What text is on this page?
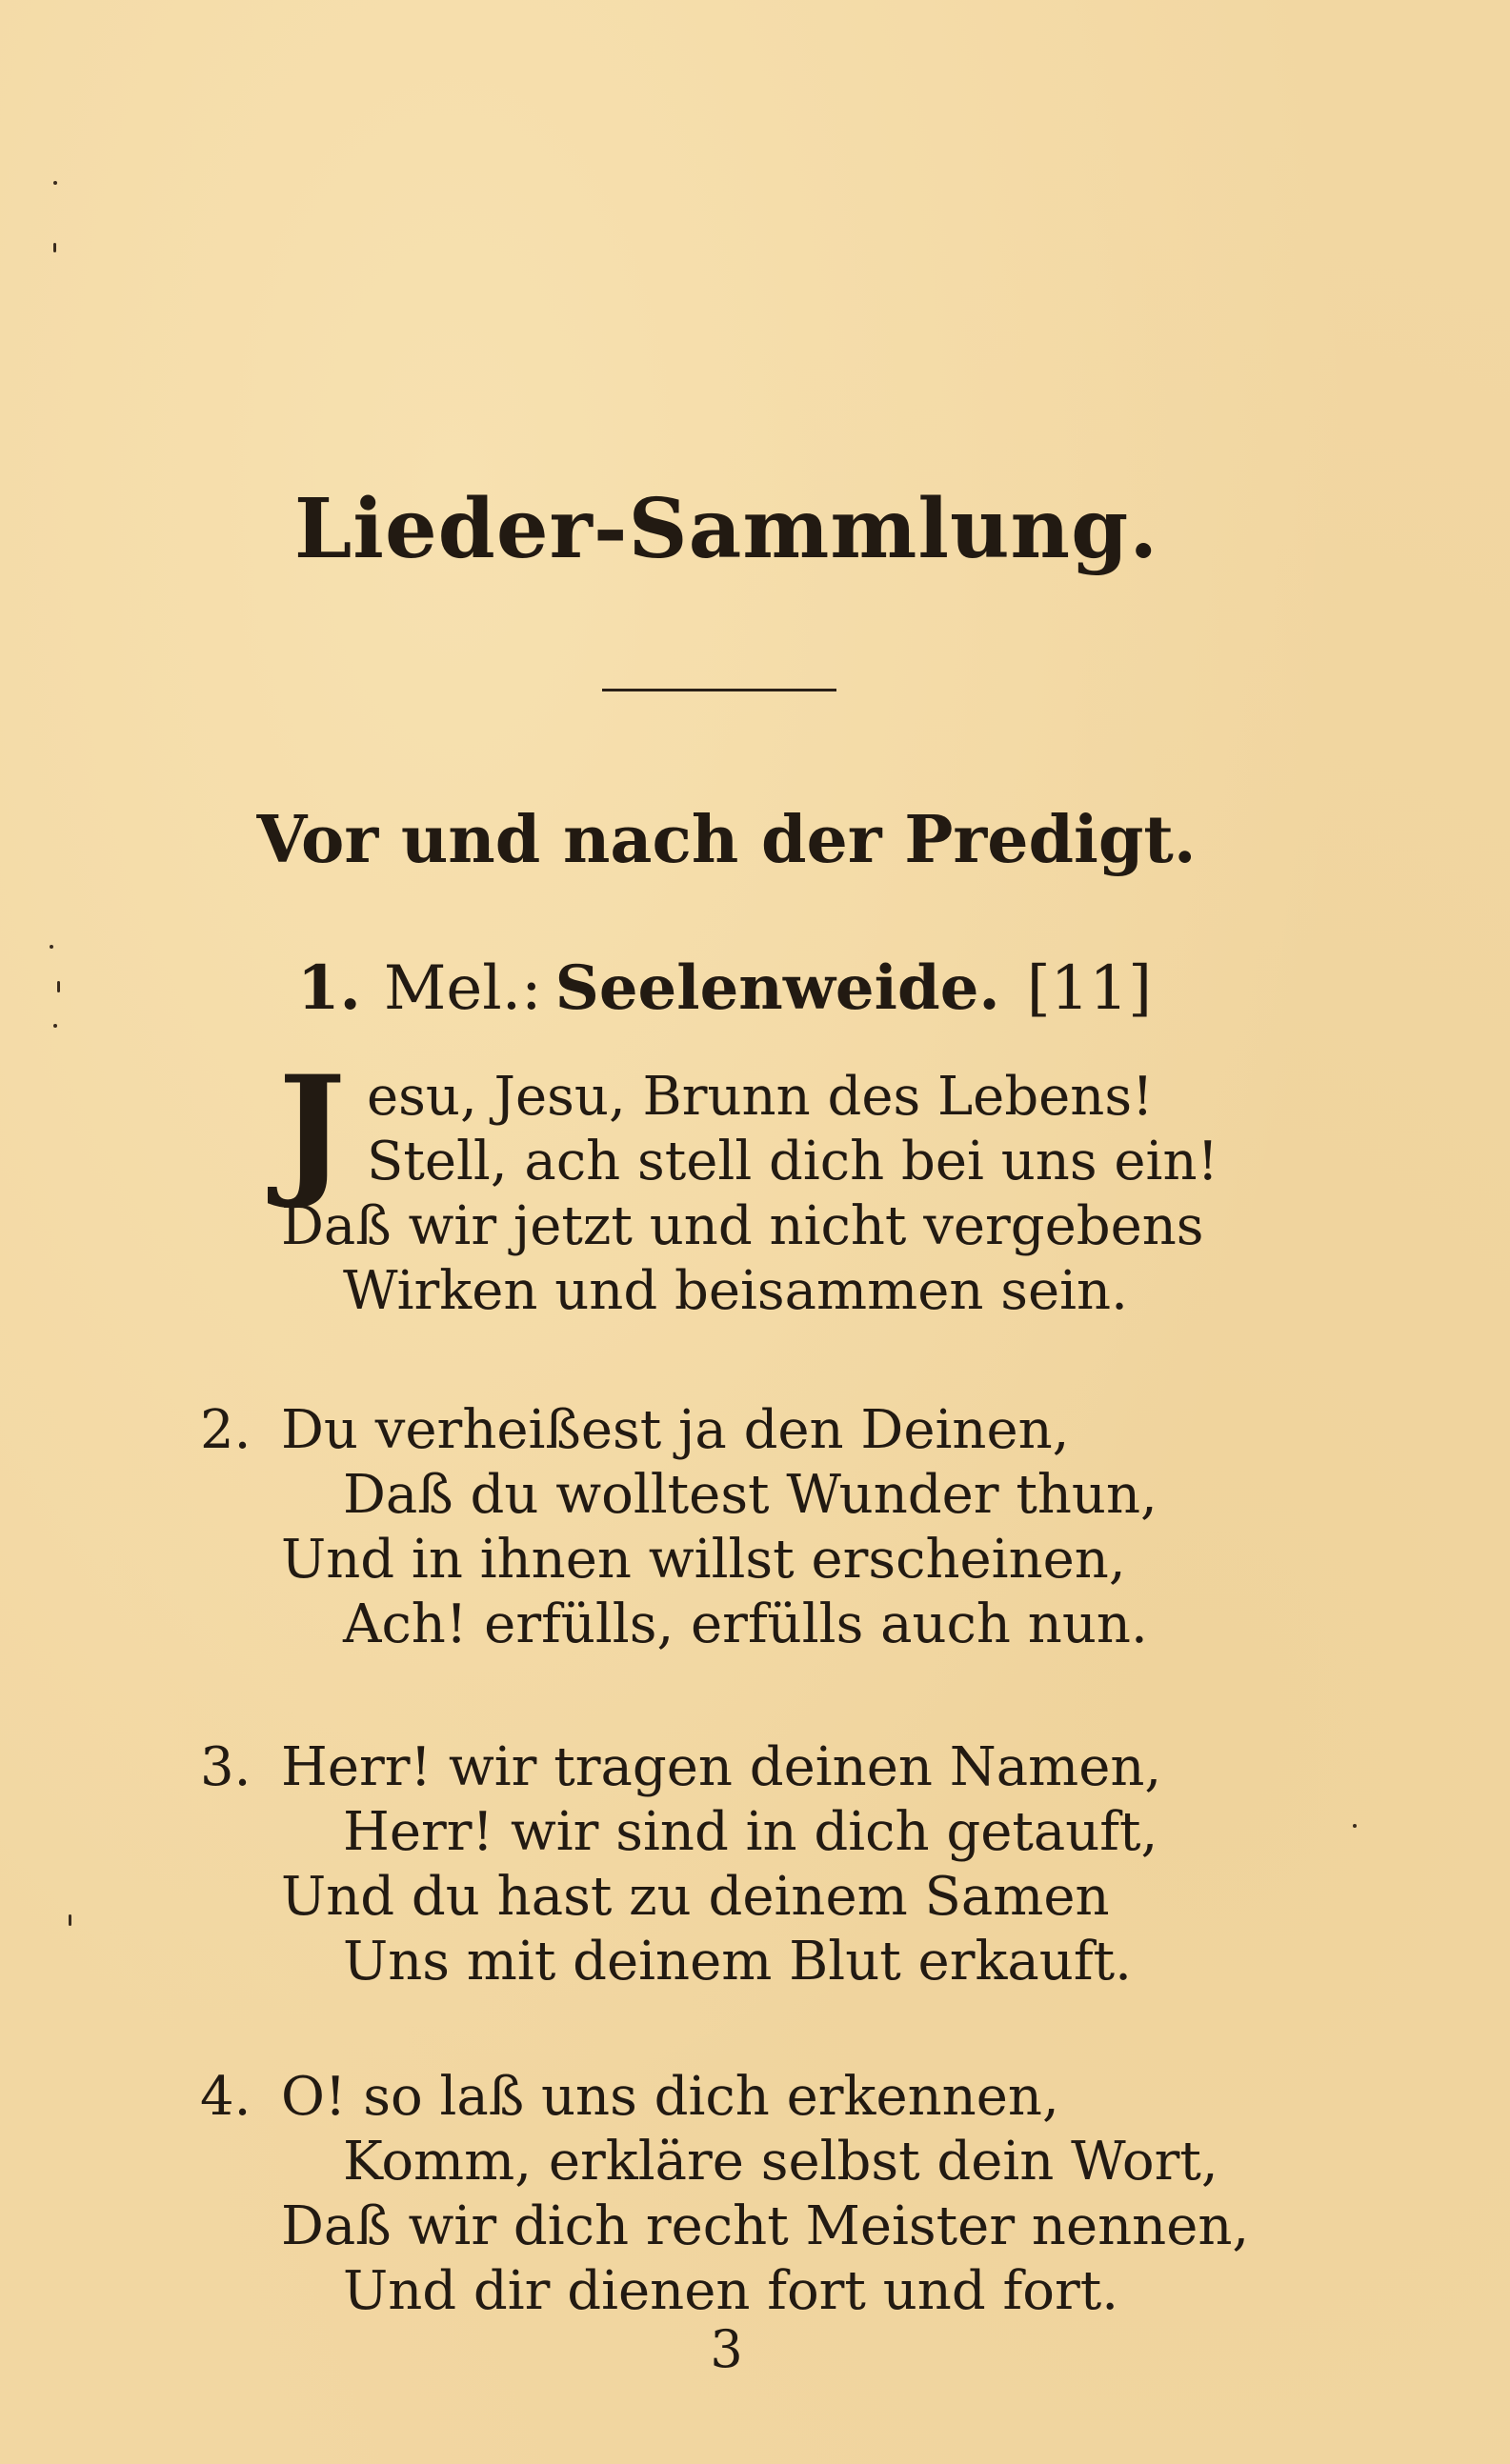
Lieder-Sammlung.
Vor und nach der Predigt.
1. Mel.: Seelenweide. [11]
J esu, Jesu, Brunn des Lebens!
Stell, ach stell dich bei uns ein!
Daß wir jetzt und nicht vergebens
Wirken und beisammen sein.
2. Du verheißest ja den Deinen,
Daß du wolltest Wunder thun,
Und in ihnen willst erscheinen,
Ach! erfülls, erfülls auch nun.
3. Herr! wir tragen deinen Namen,
Herr! wir sind in dich getauft,
Und du hast zu deinem Samen
Uns mit deinem Blut erkauft.
4. O! so laß uns dich erkennen,
Komm, erkläre selbst dein Wort,
Daß wir dich recht Meister nennen,
Und dir dienen fort und fort.
3
